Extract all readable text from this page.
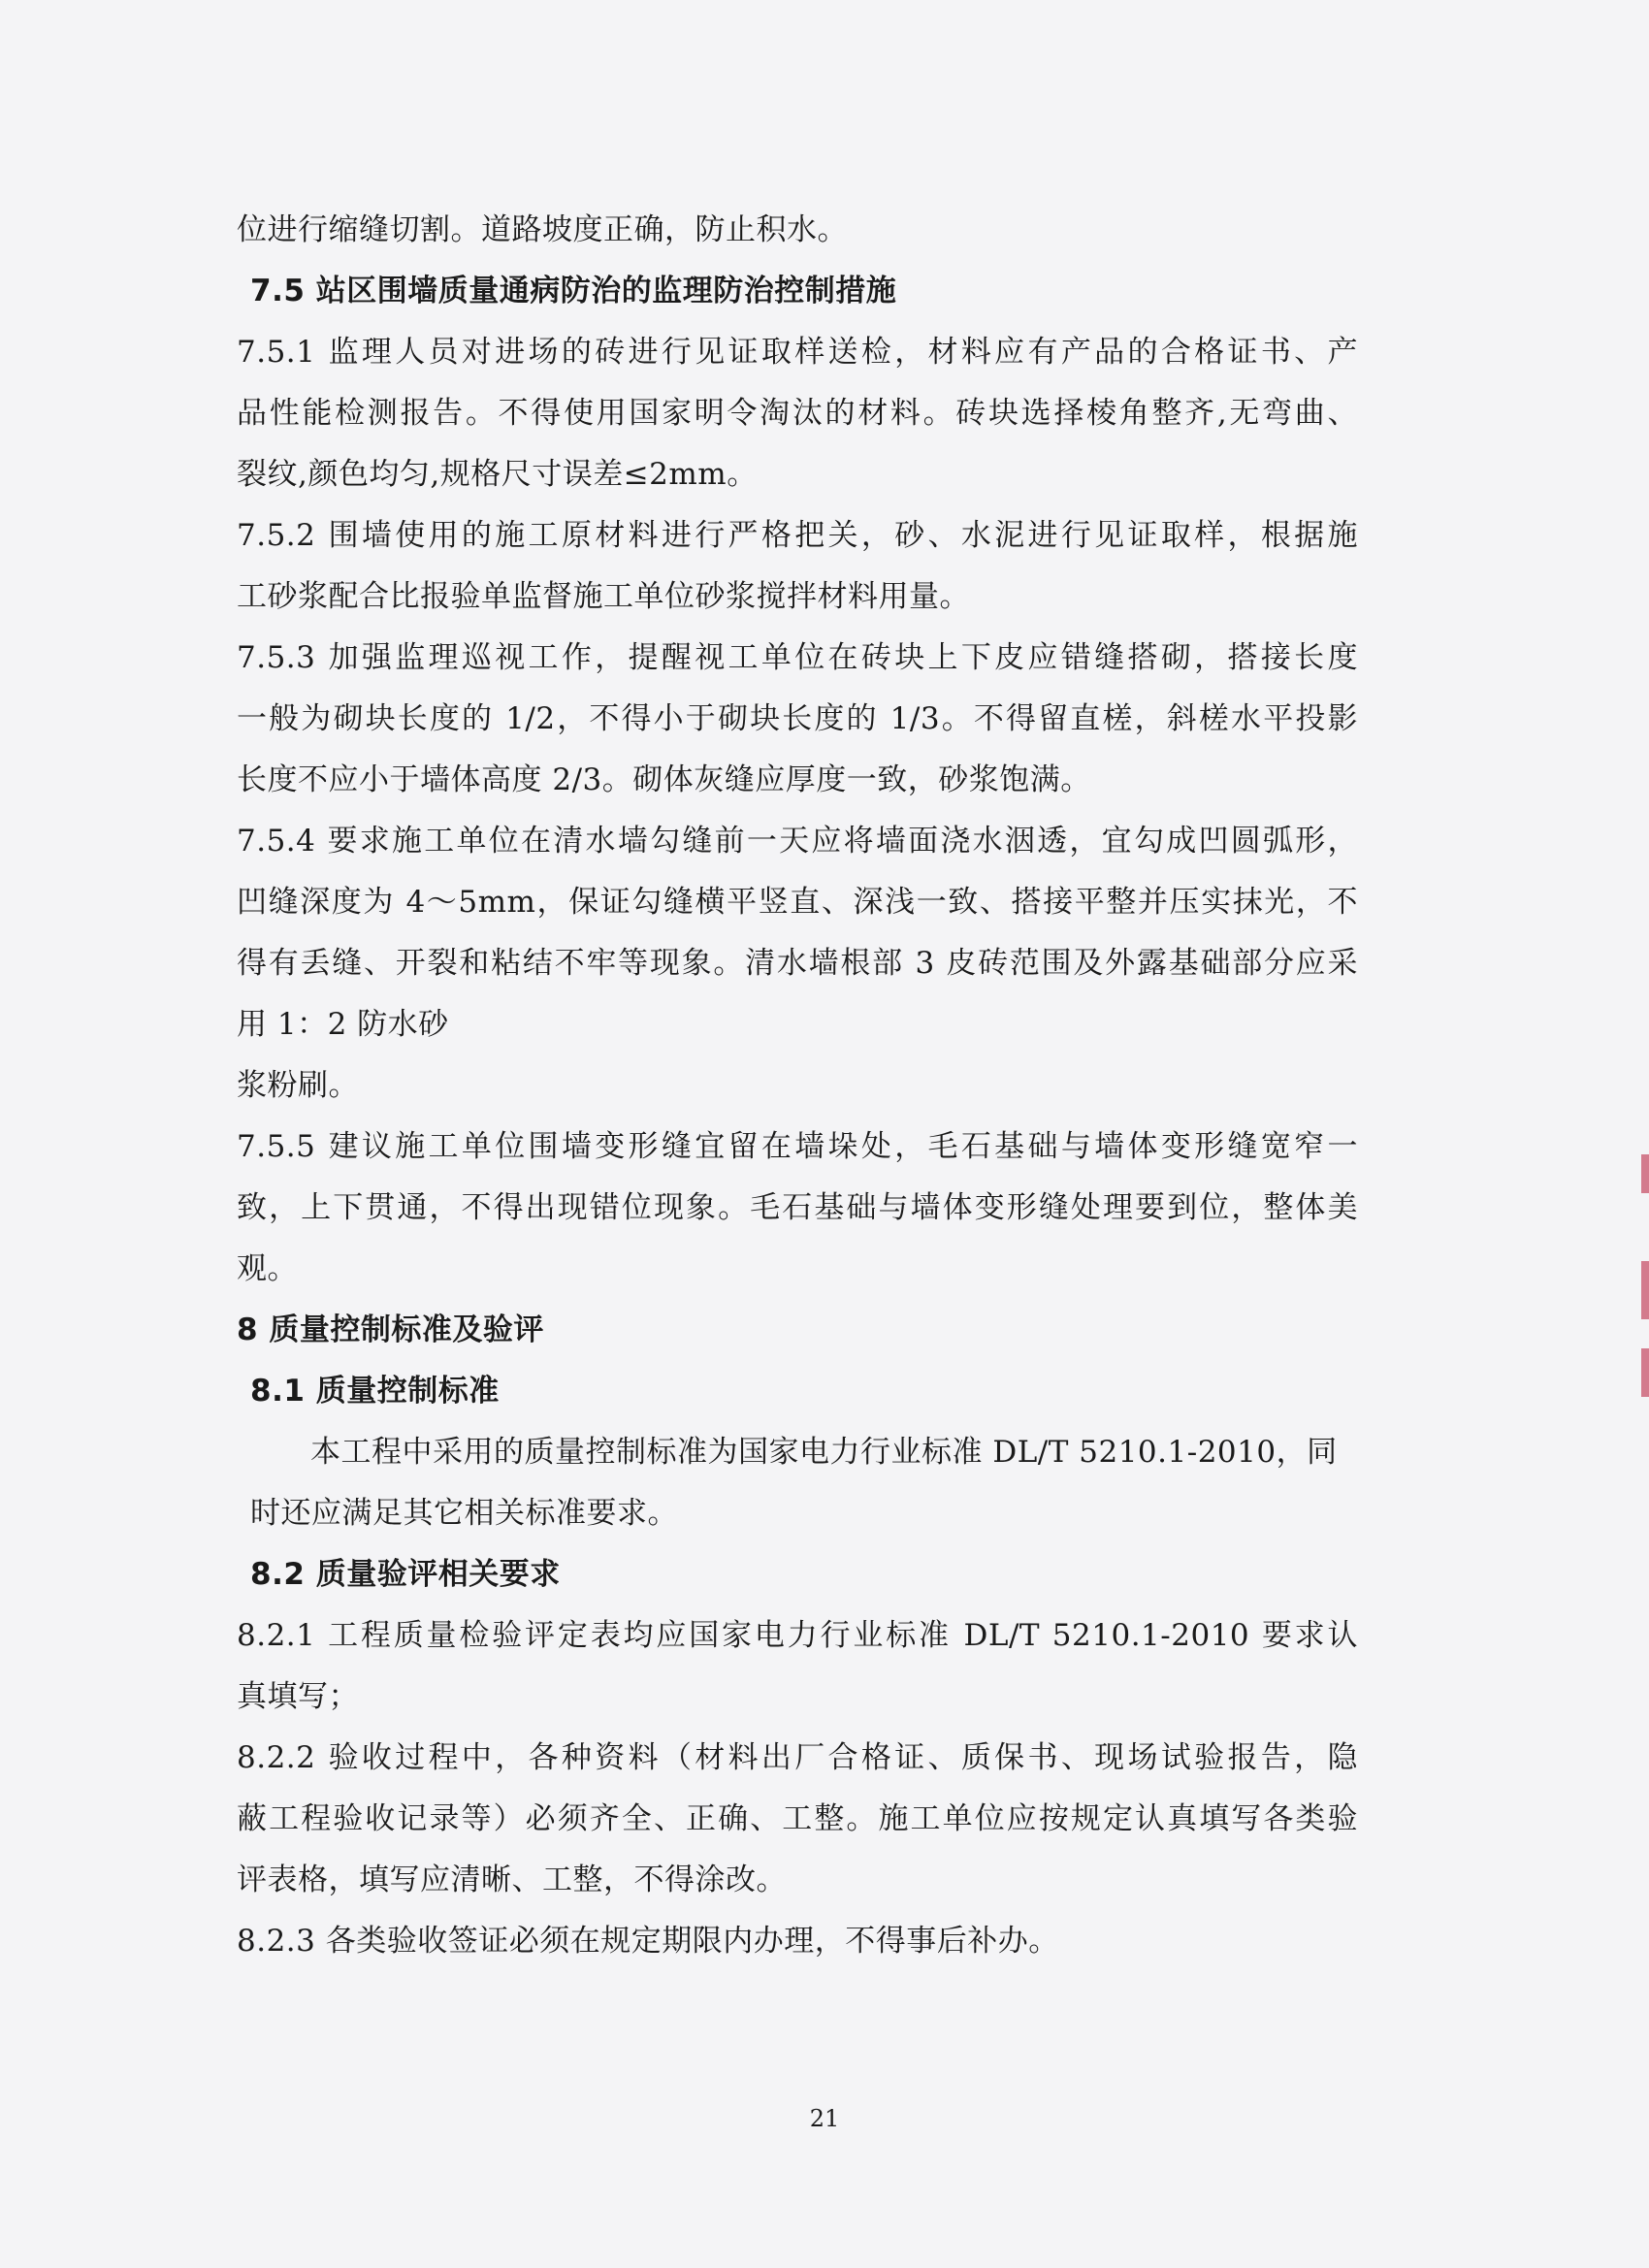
位进行缩缝切割。道路坡度正确，防止积水。
7.5 站区围墙质量通病防治的监理防治控制措施
7.5.1 监理人员对进场的砖进行见证取样送检，材料应有产品的合格证书、产
品性能检测报告。不得使用国家明令淘汰的材料。砖块选择棱角整齐,无弯曲、
裂纹,颜色均匀,规格尺寸误差≤2mm。
7.5.2 围墙使用的施工原材料进行严格把关，砂、水泥进行见证取样，根据施
工砂浆配合比报验单监督施工单位砂浆搅拌材料用量。
7.5.3 加强监理巡视工作，提醒视工单位在砖块上下皮应错缝搭砌，搭接长度
一般为砌块长度的 1/2，不得小于砌块长度的 1/3。不得留直槎，斜槎水平投影
长度不应小于墙体高度 2/3。砌体灰缝应厚度一致，砂浆饱满。
7.5.4 要求施工单位在清水墙勾缝前一天应将墙面浇水洇透，宜勾成凹圆弧形，
凹缝深度为 4～5mm，保证勾缝横平竖直、深浅一致、搭接平整并压实抹光，不
得有丢缝、开裂和粘结不牢等现象。清水墙根部 3 皮砖范围及外露基础部分应采
用 1：2 防水砂
浆粉刷。
7.5.5 建议施工单位围墙变形缝宜留在墙垛处，毛石基础与墙体变形缝宽窄一
致，上下贯通，不得出现错位现象。毛石基础与墙体变形缝处理要到位，整体美
观。
8 质量控制标准及验评
8.1 质量控制标准
本工程中采用的质量控制标准为国家电力行业标准 DL/T 5210.1-2010，同
时还应满足其它相关标准要求。
8.2 质量验评相关要求
8.2.1 工程质量检验评定表均应国家电力行业标准 DL/T 5210.1-2010 要求认
真填写；
8.2.2 验收过程中，各种资料（材料出厂合格证、质保书、现场试验报告，隐
蔽工程验收记录等）必须齐全、正确、工整。施工单位应按规定认真填写各类验
评表格，填写应清晰、工整，不得涂改。
8.2.3 各类验收签证必须在规定期限内办理，不得事后补办。
21
